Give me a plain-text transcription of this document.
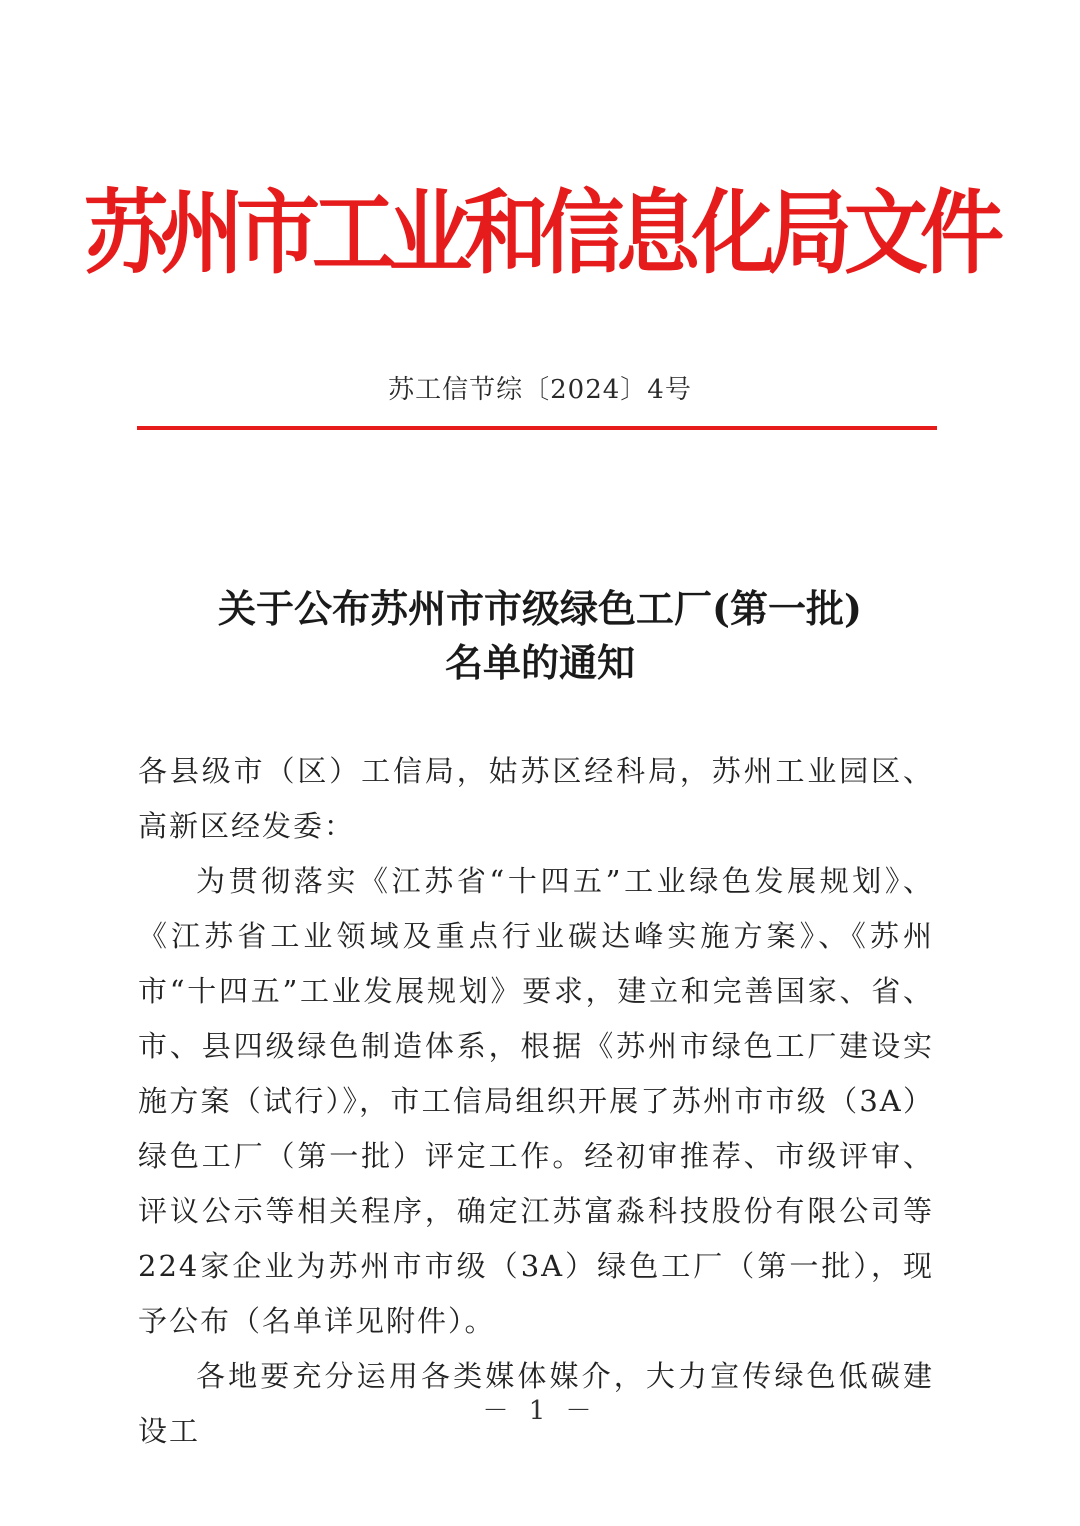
苏州市工业和信息化局文件
苏工信节综〔2024〕4号
关于公布苏州市市级绿色工厂(第一批)
名单的通知

各县级市（区）工信局，姑苏区经科局，苏州工业园区、高新区经发委：

为贯彻落实《江苏省“十四五”工业绿色发展规划》、《江苏省工业领域及重点行业碳达峰实施方案》、《苏州市“十四五”工业发展规划》要求，建立和完善国家、省、市、县四级绿色制造体系，根据《苏州市绿色工厂建设实施方案（试行）》，市工信局组织开展了苏州市市级（3A）绿色工厂（第一批）评定工作。经初审推荐、市级评审、评议公示等相关程序，确定江苏富淼科技股份有限公司等224家企业为苏州市市级（3A）绿色工厂（第一批），现予公布（名单详见附件）。

各地要充分运用各类媒体媒介，大力宣传绿色低碳建设工

－ 1 －
